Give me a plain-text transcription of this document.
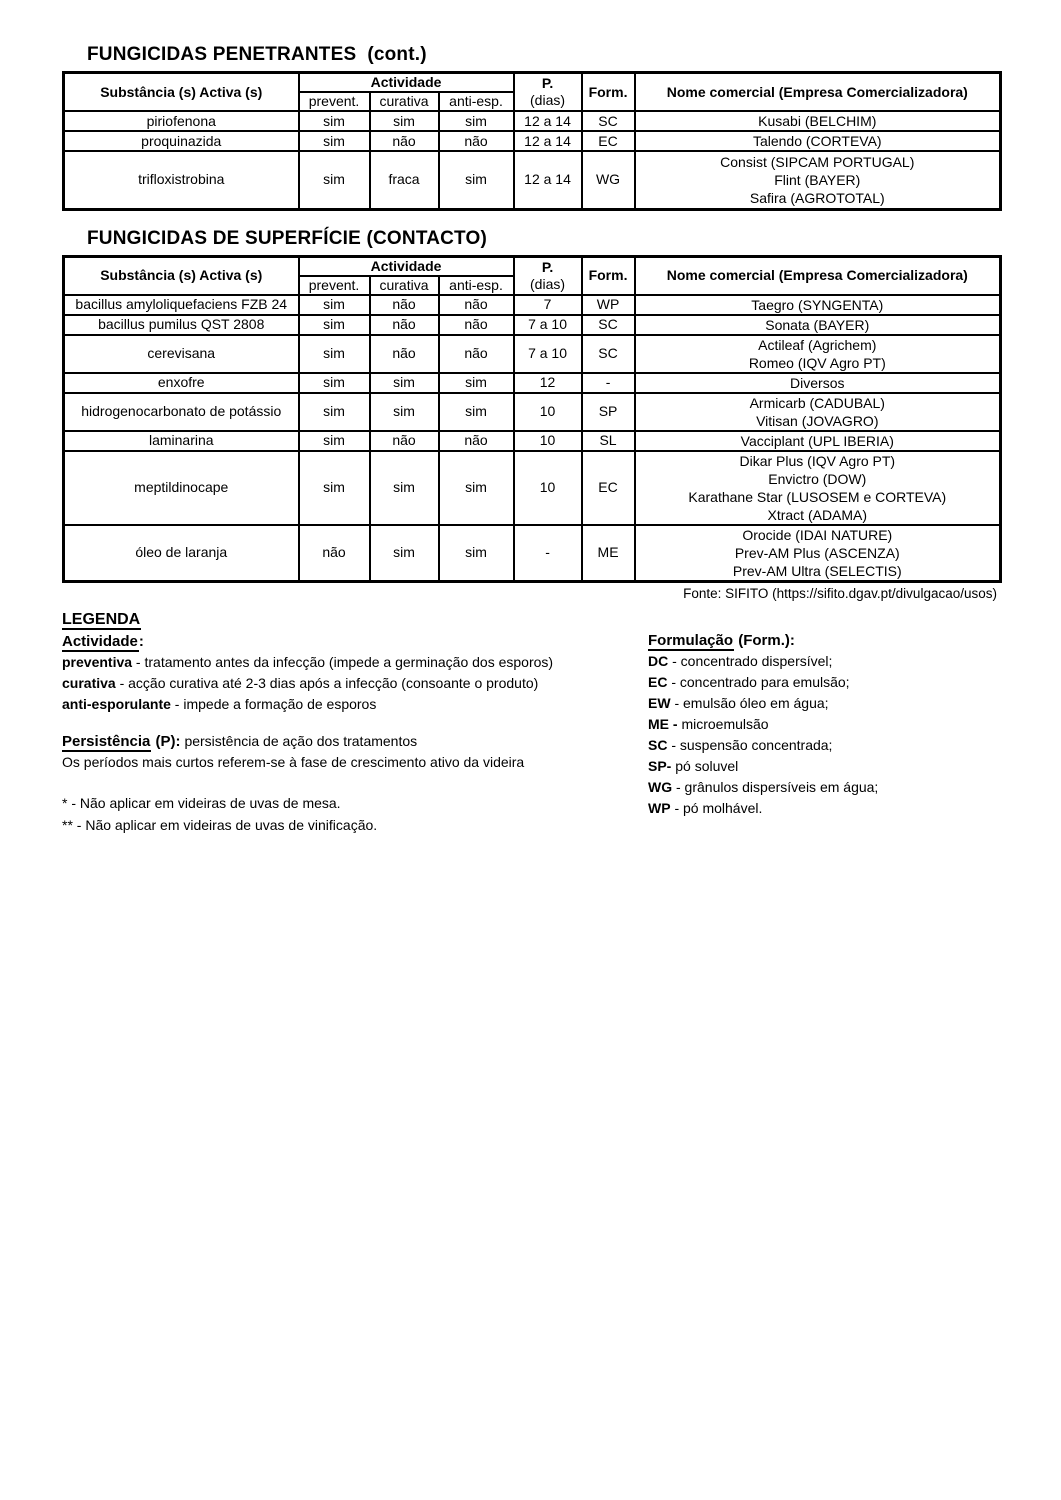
FUNGICIDAS PENETRANTES  (cont.)
Substância (s) Activa (s)	Actividade			P.
(dias)	Form.	Nome comercial (Empresa Comercializadora)
	prevent.	curativa	anti-esp.			
piriofenona	sim	sim	sim	12 a 14	SC	Kusabi (BELCHIM)

proquinazida	sim	não	não	12 a 14	EC	Talendo (CORTEVA)

trifloxistrobina	sim	fraca	sim	12 a 14	WG	Consist (SIPCAM PORTUGAL)
Flint (BAYER)
Safira (AGROTOTAL)
FUNGICIDAS DE SUPERFÍCIE (CONTACTO)
Substância (s) Activa (s)	Actividade			P.
(dias)	Form.	Nome comercial (Empresa Comercializadora)
	prevent.	curativa	anti-esp.			
bacillus amyloliquefaciens FZB 24	sim	não	não	7	WP	Taegro (SYNGENTA)

bacillus pumilus QST 2808	sim	não	não	7 a 10	SC	Sonata (BAYER)

cerevisana	sim	não	não	7 a 10	SC	Actileaf (Agrichem)
Romeo (IQV Agro PT)

enxofre	sim	sim	sim	12	-	Diversos

hidrogenocarbonato de potássio	sim	sim	sim	10	SP	Armicarb (CADUBAL)
Vitisan (JOVAGRO)

laminarina	sim	não	não	10	SL	Vacciplant (UPL IBERIA)

meptildinocape	sim	sim	sim	10	EC	Dikar Plus (IQV Agro PT)
Envictro (DOW)
Karathane Star (LUSOSEM e CORTEVA)
Xtract (ADAMA)

óleo de laranja	não	sim	sim	-	ME	Orocide (IDAI NATURE)
Prev-AM Plus (ASCENZA)
Prev-AM Ultra (SELECTIS)
Fonte: SIFITO (https://sifito.dgav.pt/divulgacao/usos)
LEGENDA
Actividade:
preventiva - tratamento antes da infecção (impede a germinação dos esporos)
curativa - acção curativa até 2-3 dias após a infecção (consoante o produto)
anti-esporulante - impede a formação de esporos
Persistência (P): persistência de ação dos tratamentos
Os períodos mais curtos referem-se à fase de crescimento ativo da videira
* - Não aplicar em videiras de uvas de mesa.
** - Não aplicar em videiras de uvas de vinificação.
Formulação (Form.):
DC - concentrado dispersível;
EC - concentrado para emulsão;
EW - emulsão óleo em água;
ME - microemulsão
SC - suspensão concentrada;
SP- pó soluvel
WG - grânulos dispersíveis em água;
WP - pó molhável.
